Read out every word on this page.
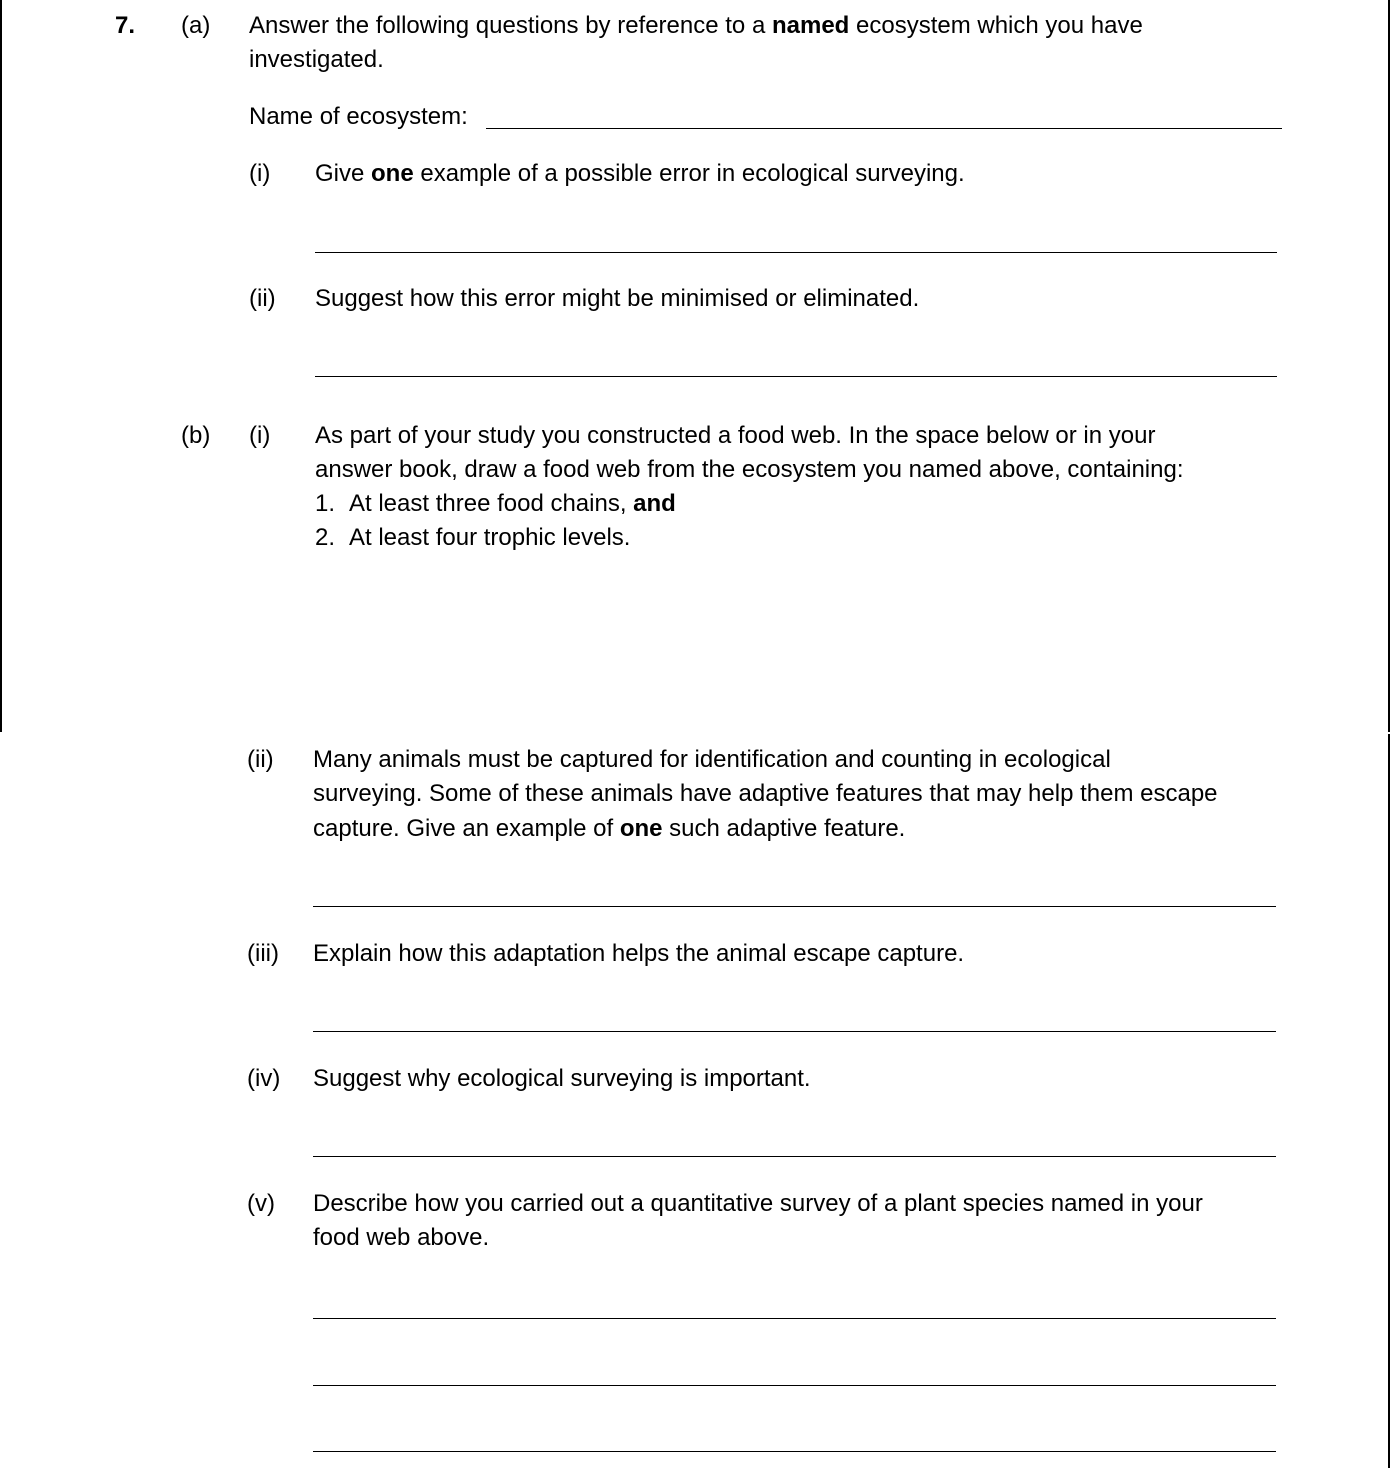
7. (a) Answer the following questions by reference to a named ecosystem which you have
investigated.
Name of ecosystem:
(i) Give one example of a possible error in ecological surveying.
(ii) Suggest how this error might be minimised or eliminated.
(b) (i) As part of your study you constructed a food web. In the space below or in your
answer book, draw a food web from the ecosystem you named above, containing:
1. At least three food chains, and
2. At least four trophic levels.
(ii) Many animals must be captured for identification and counting in ecological
surveying. Some of these animals have adaptive features that may help them escape
capture. Give an example of one such adaptive feature.
(iii) Explain how this adaptation helps the animal escape capture.
(iv) Suggest why ecological surveying is important.
(v) Describe how you carried out a quantitative survey of a plant species named in your
food web above.
